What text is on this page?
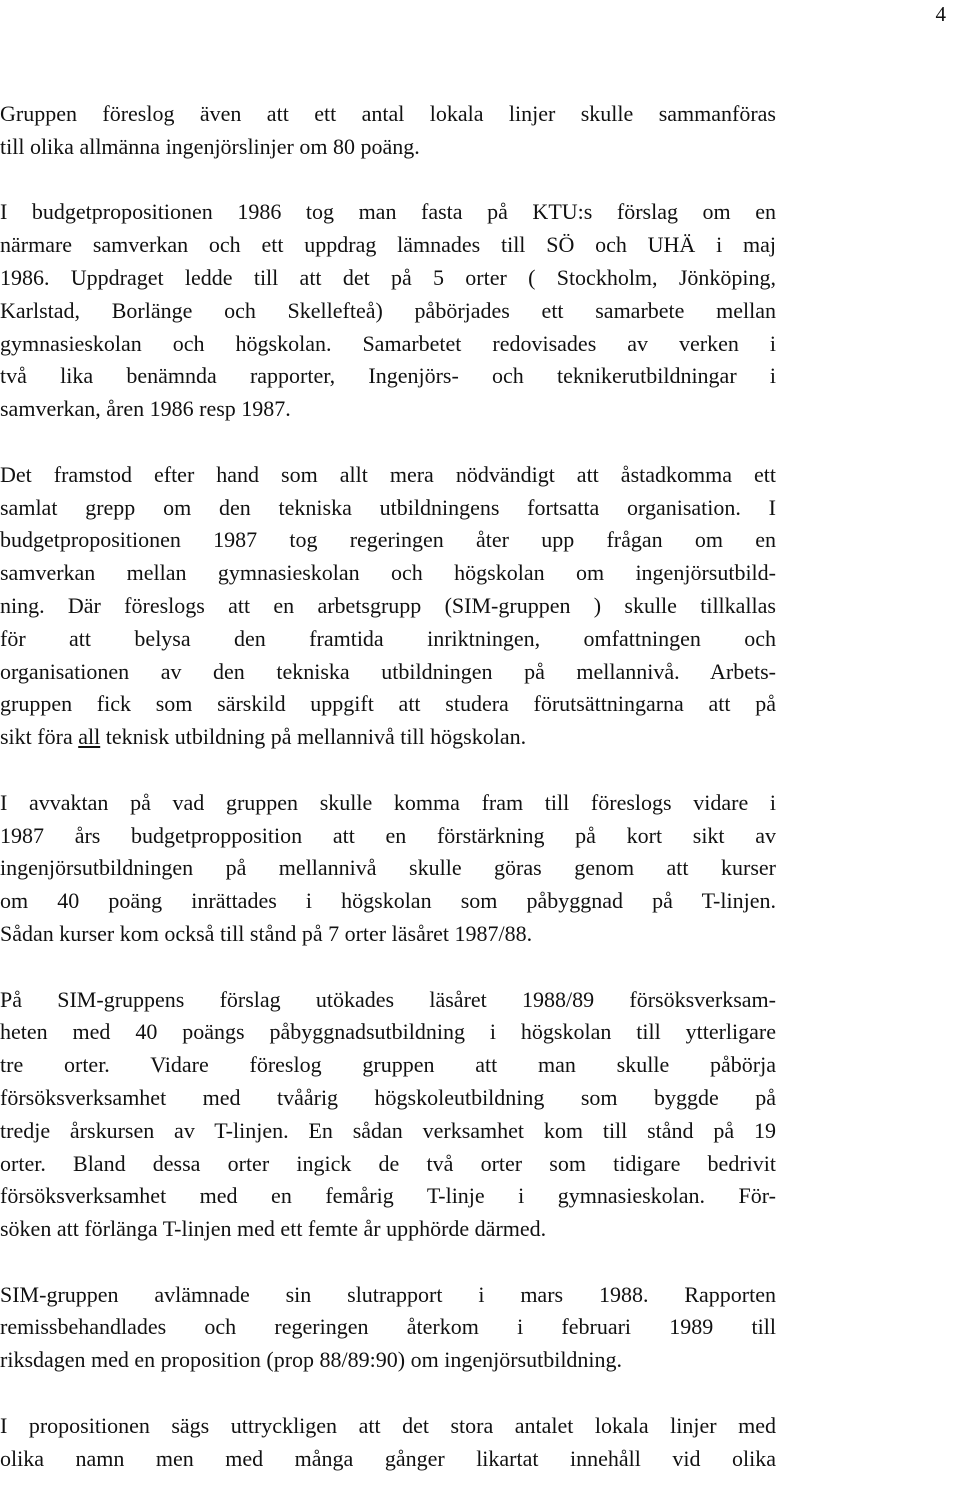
4
Gruppen föreslog även att ett antal lokala linjer skulle sammanföras
till olika allmänna ingenjörslinjer om 80 poäng.
I budgetpropositionen 1986 tog man fasta på KTU:s förslag om en
närmare samverkan och ett uppdrag lämnades till SÖ och UHÄ i maj
1986. Uppdraget ledde till att det på 5 orter ( Stockholm, Jönköping,
Karlstad, Borlänge och Skellefteå) påbörjades ett samarbete mellan
gymnasieskolan och högskolan. Samarbetet redovisades av verken i
två lika benämnda rapporter, Ingenjörs- och teknikerutbildningar i
samverkan, åren 1986 resp 1987.
Det framstod efter hand som allt mera nödvändigt att åstadkomma ett
samlat grepp om den tekniska utbildningens fortsatta organisation. I
budgetpropositionen 1987 tog regeringen åter upp frågan om en
samverkan mellan gymnasieskolan och högskolan om ingenjörsutbild-
ning. Där föreslogs att en arbetsgrupp (SIM-gruppen ) skulle tillkallas
för att belysa den framtida inriktningen, omfattningen och
organisationen av den tekniska utbildningen på mellannivå. Arbets-
gruppen fick som särskild uppgift att studera förutsättningarna att på
sikt föra all teknisk utbildning på mellannivå till högskolan.
I avvaktan på vad gruppen skulle komma fram till föreslogs vidare i
1987 års budgetpropposition att en förstärkning på kort sikt av
ingenjörsutbildningen på mellannivå skulle göras genom att kurser
om 40 poäng inrättades i högskolan som påbyggnad på T-linjen.
Sådan kurser kom också till stånd på 7 orter läsåret 1987/88.
På SIM-gruppens förslag utökades läsåret 1988/89 försöksverksam-
heten med 40 poängs påbyggnadsutbildning i högskolan till ytterligare
tre orter. Vidare föreslog gruppen att man skulle påbörja
försöksverksamhet med tvåårig högskoleutbildning som byggde på
tredje årskursen av T-linjen. En sådan verksamhet kom till stånd på 19
orter. Bland dessa orter ingick de två orter som tidigare bedrivit
försöksverksamhet med en femårig T-linje i gymnasieskolan. För-
söken att förlänga T-linjen med ett femte år upphörde därmed.
SIM-gruppen avlämnade sin slutrapport i mars 1988. Rapporten
remissbehandlades och regeringen återkom i februari 1989 till
riksdagen med en proposition (prop 88/89:90) om ingenjörsutbildning.
I propositionen sägs uttryckligen att det stora antalet lokala linjer med
olika namn men med många gånger likartat innehåll vid olika
